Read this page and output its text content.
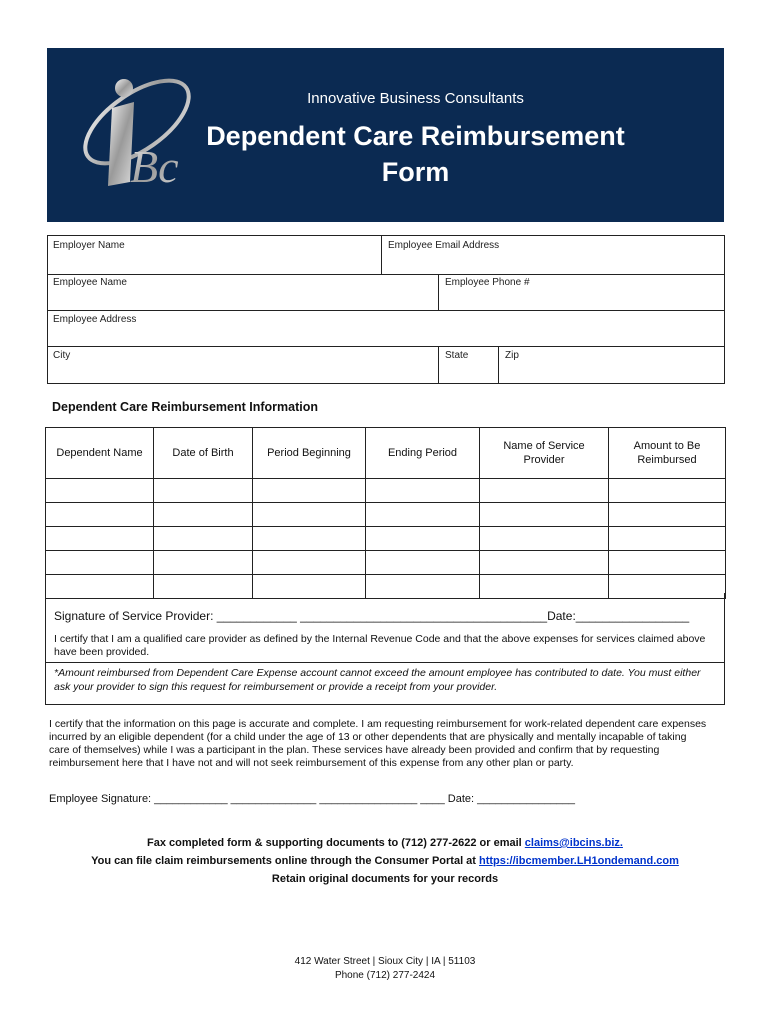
Innovative Business Consultants
Dependent Care Reimbursement
Form
Bc
Employer Name	Employee Email Address
Employee Name	Employee Phone #
Employee Address
City	State	Zip
Dependent Care Reimbursement Information
Dependent Name	Date of Birth	Period Beginning	Ending Period	Name of Service Provider	Amount to Be Reimbursed

Signature of Service Provider: ____________ _____________________________________Date:_________________
I certify that I am a qualified care provider as defined by the Internal Revenue Code and that the above expenses for services claimed above have been provided.
*Amount reimbursed from Dependent Care Expense account cannot exceed the amount employee has contributed to date. You must either ask your provider to sign this request for reimbursement or provide a receipt from your provider.
I certify that the information on this page is accurate and complete. I am requesting reimbursement for work-related dependent care expenses incurred by an eligible dependent (for a child under the age of 13 or other dependents that are physically and mentally incapable of taking care of themselves) while I was a participant in the plan. These services have already been provided and confirm that by requesting reimbursement here that I have not and will not seek reimbursement of this expense from any other plan or party.
Employee Signature: ____________ ______________ ________________ ____ Date: ________________
Fax completed form & supporting documents to (712) 277-2622 or email claims@ibcins.biz.
You can file claim reimbursements online through the Consumer Portal at https://ibcmember.LH1ondemand.com
Retain original documents for your records
412 Water Street | Sioux City | IA | 51103
Phone (712) 277-2424
